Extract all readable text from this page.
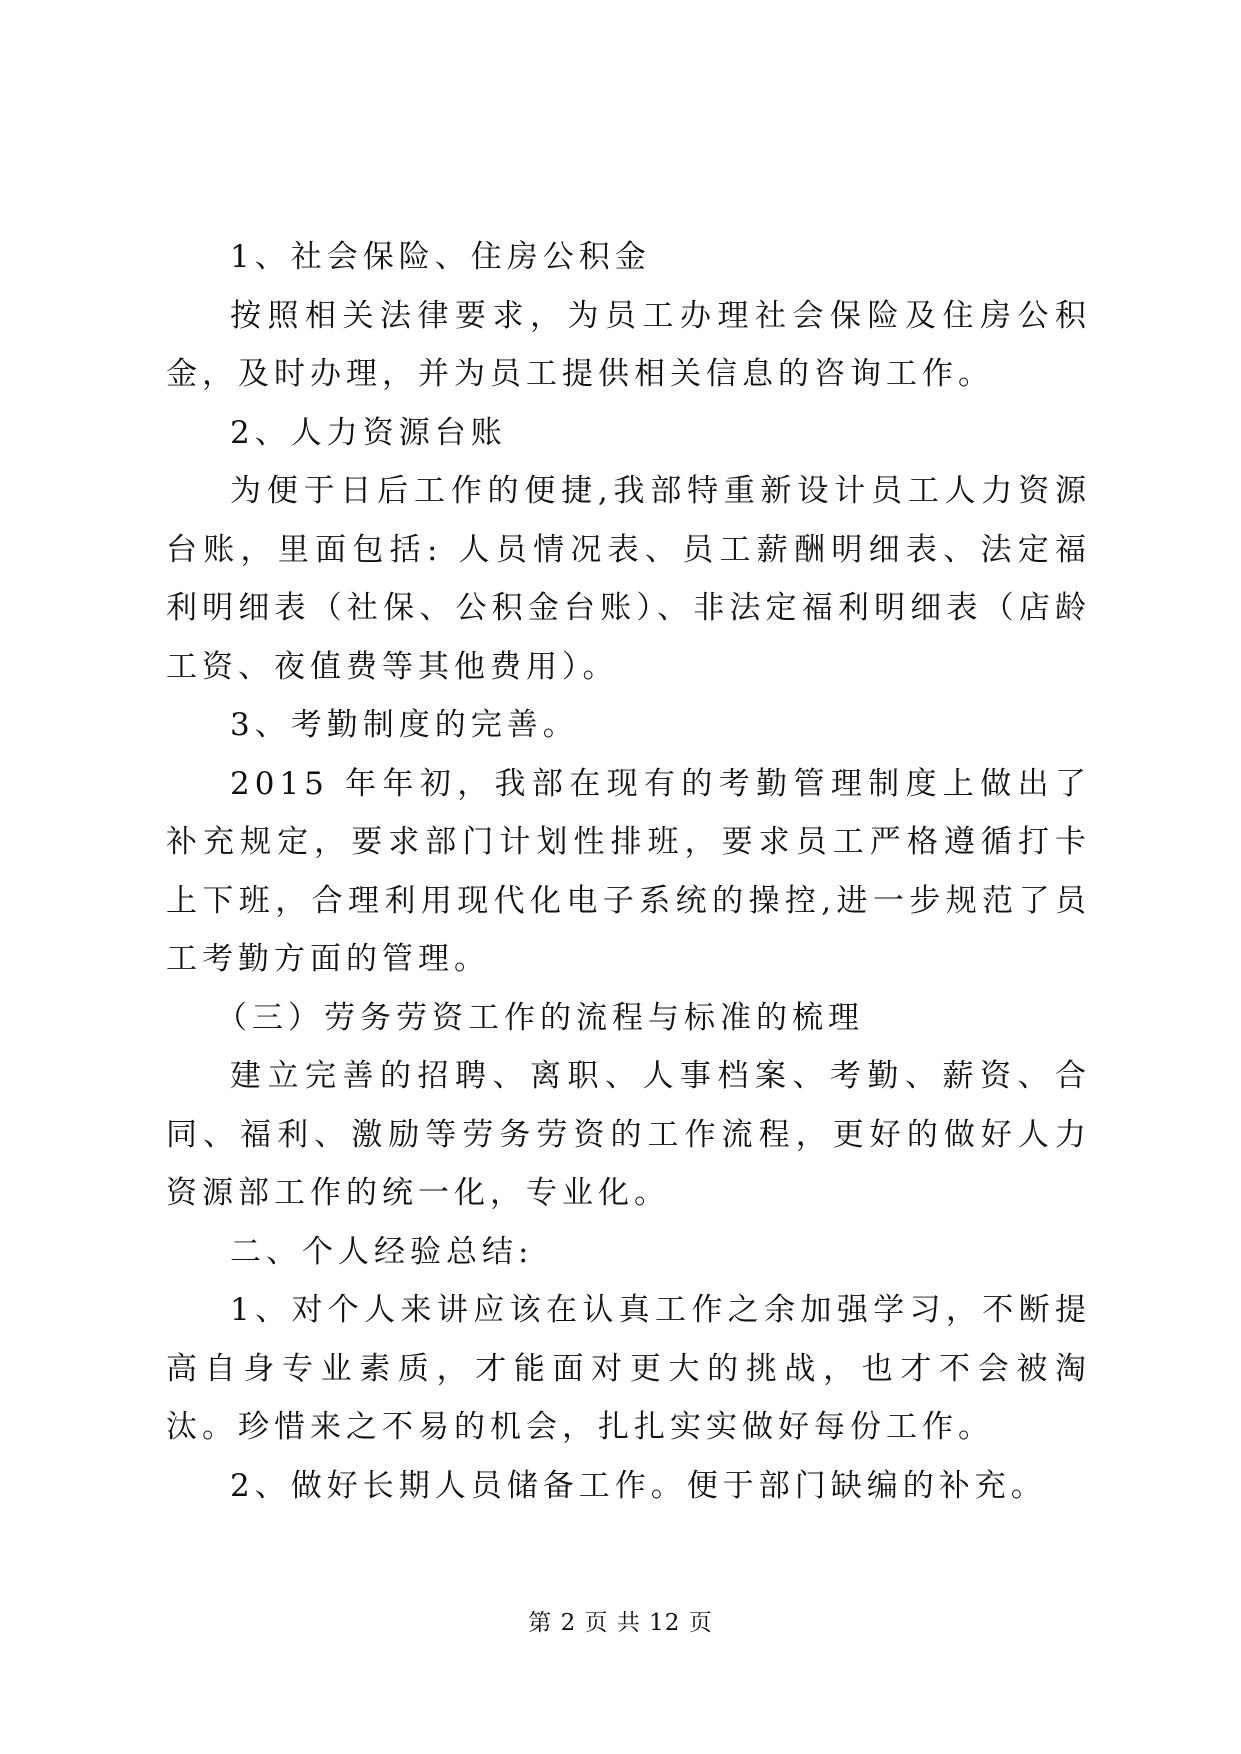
1、社会保险、住房公积金

按照相关法律要求，为员工办理社会保险及住房公积金，及时办理，并为员工提供相关信息的咨询工作。

2、人力资源台账

为便于日后工作的便捷,我部特重新设计员工人力资源台账，里面包括: 人员情况表、员工薪酬明细表、法定福利明细表（社保、公积金台账）、非法定福利明细表（店龄工资、夜值费等其他费用）。

3、考勤制度的完善。

2015 年年初，我部在现有的考勤管理制度上做出了补充规定，要求部门计划性排班，要求员工严格遵循打卡上下班，合理利用现代化电子系统的操控,进一步规范了员工考勤方面的管理。

（三）劳务劳资工作的流程与标准的梳理

建立完善的招聘、离职、人事档案、考勤、薪资、合同、福利、激励等劳务劳资的工作流程，更好的做好人力资源部工作的统一化，专业化。

二、个人经验总结:

1、对个人来讲应该在认真工作之余加强学习，不断提高自身专业素质，才能面对更大的挑战，也才不会被淘汰。珍惜来之不易的机会，扎扎实实做好每份工作。

2、做好长期人员储备工作。便于部门缺编的补充。

第 2 页 共 12 页
